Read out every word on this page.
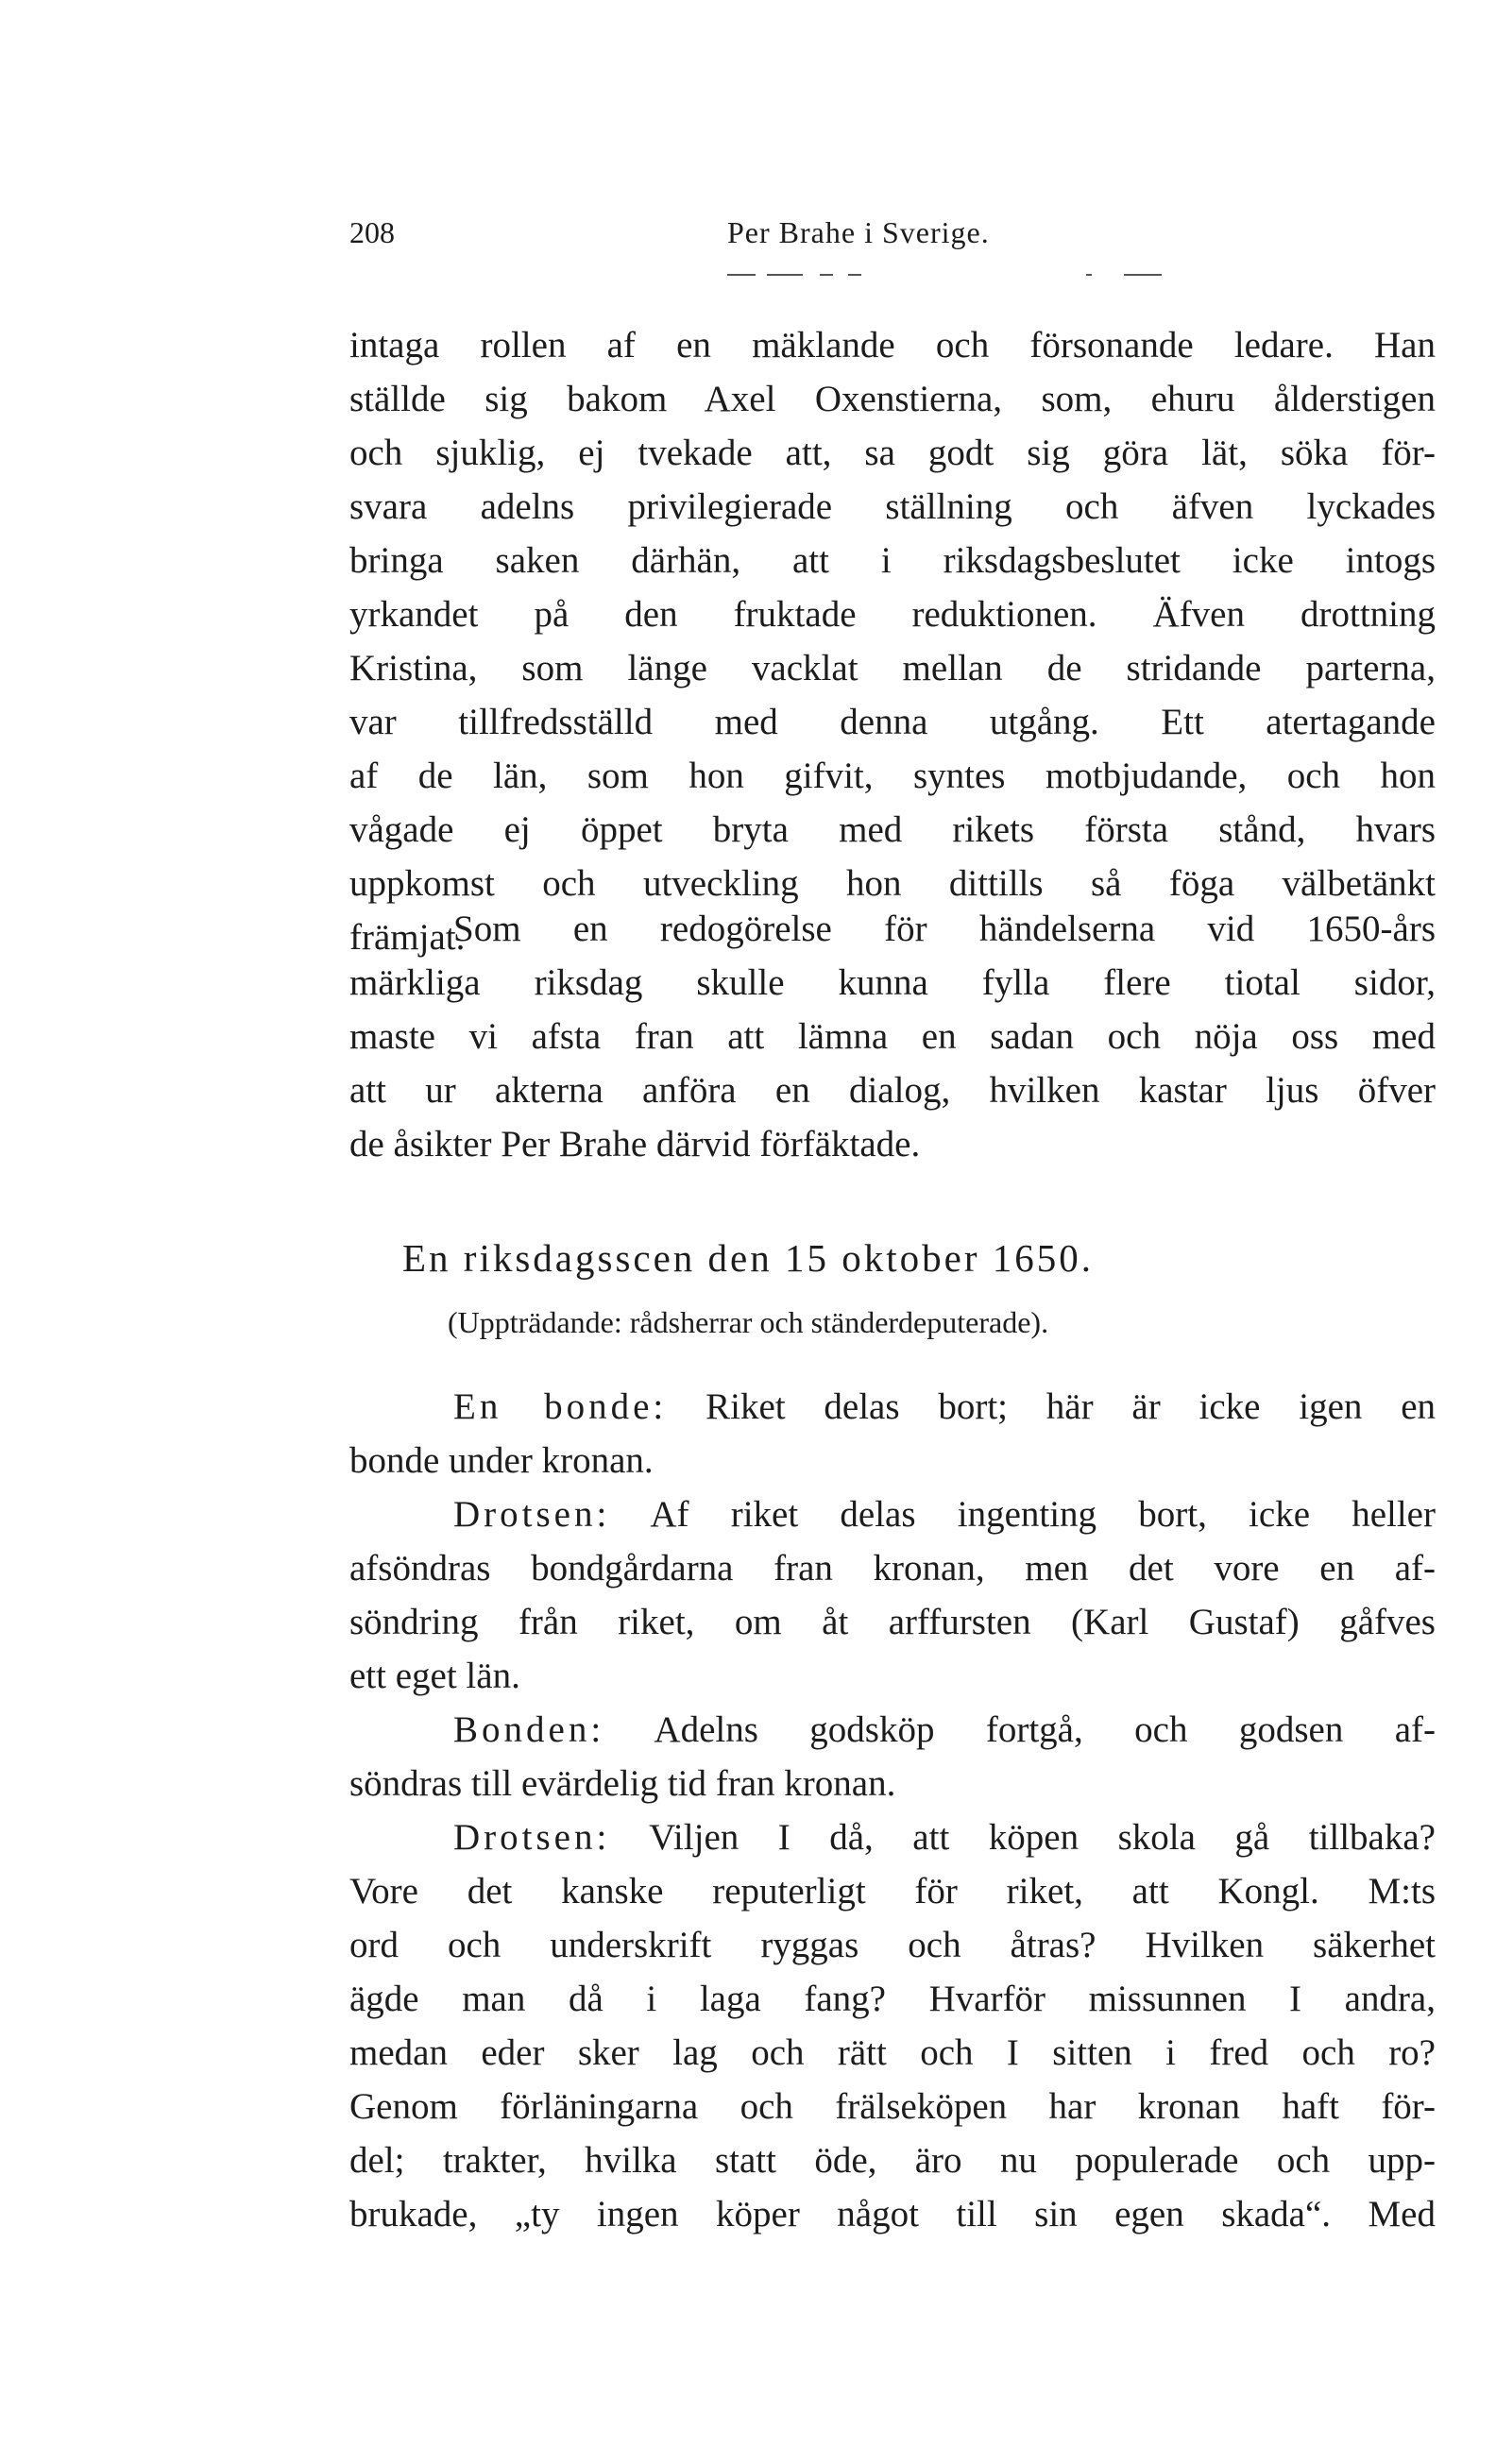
208	Per Brahe i Sverige.
intaga rollen af en mäklande och försonande ledare. Han
ställde sig bakom Axel Oxenstierna, som, ehuru ålderstigen
och sjuklig, ej tvekade att, sa godt sig göra lät, söka för-
svara adelns privilegierade ställning och äfven lyckades
bringa saken därhän, att i riksdagsbeslutet icke intogs
yrkandet på den fruktade reduktionen. Äfven drottning
Kristina, som länge vacklat mellan de stridande parterna,
var tillfredsställd med denna utgång. Ett atertagande
af de län, som hon gifvit, syntes motbjudande, och hon
vågade ej öppet bryta med rikets första stånd, hvars
uppkomst och utveckling hon dittills så föga välbetänkt
främjat.
Som en redogörelse för händelserna vid 1650-års
märkliga riksdag skulle kunna fylla flere tiotal sidor,
maste vi afsta fran att lämna en sadan och nöja oss med
att ur akterna anföra en dialog, hvilken kastar ljus öfver
de åsikter Per Brahe därvid förfäktade.
En riksdagsscen den 15 oktober 1650.
(Uppträdande: rådsherrar och ständerdeputerade).
En bonde: Riket delas bort; här är icke igen en
bonde under kronan.
Drotsen: Af riket delas ingenting bort, icke heller
afsöndras bondgårdarna fran kronan, men det vore en af-
söndring från riket, om åt arffursten (Karl Gustaf) gåfves
ett eget län.
Bonden: Adelns godsköp fortgå, och godsen af-
söndras till evärdelig tid fran kronan.
Drotsen: Viljen I då, att köpen skola gå tillbaka?
Vore det kanske reputerligt för riket, att Kongl. M:ts
ord och underskrift ryggas och åtras? Hvilken säkerhet
ägde man då i laga fang? Hvarför missunnen I andra,
medan eder sker lag och rätt och I sitten i fred och ro?
Genom förläningarna och frälseköpen har kronan haft för-
del; trakter, hvilka statt öde, äro nu populerade och upp-
brukade, „ty ingen köper något till sin egen skada“. Med
